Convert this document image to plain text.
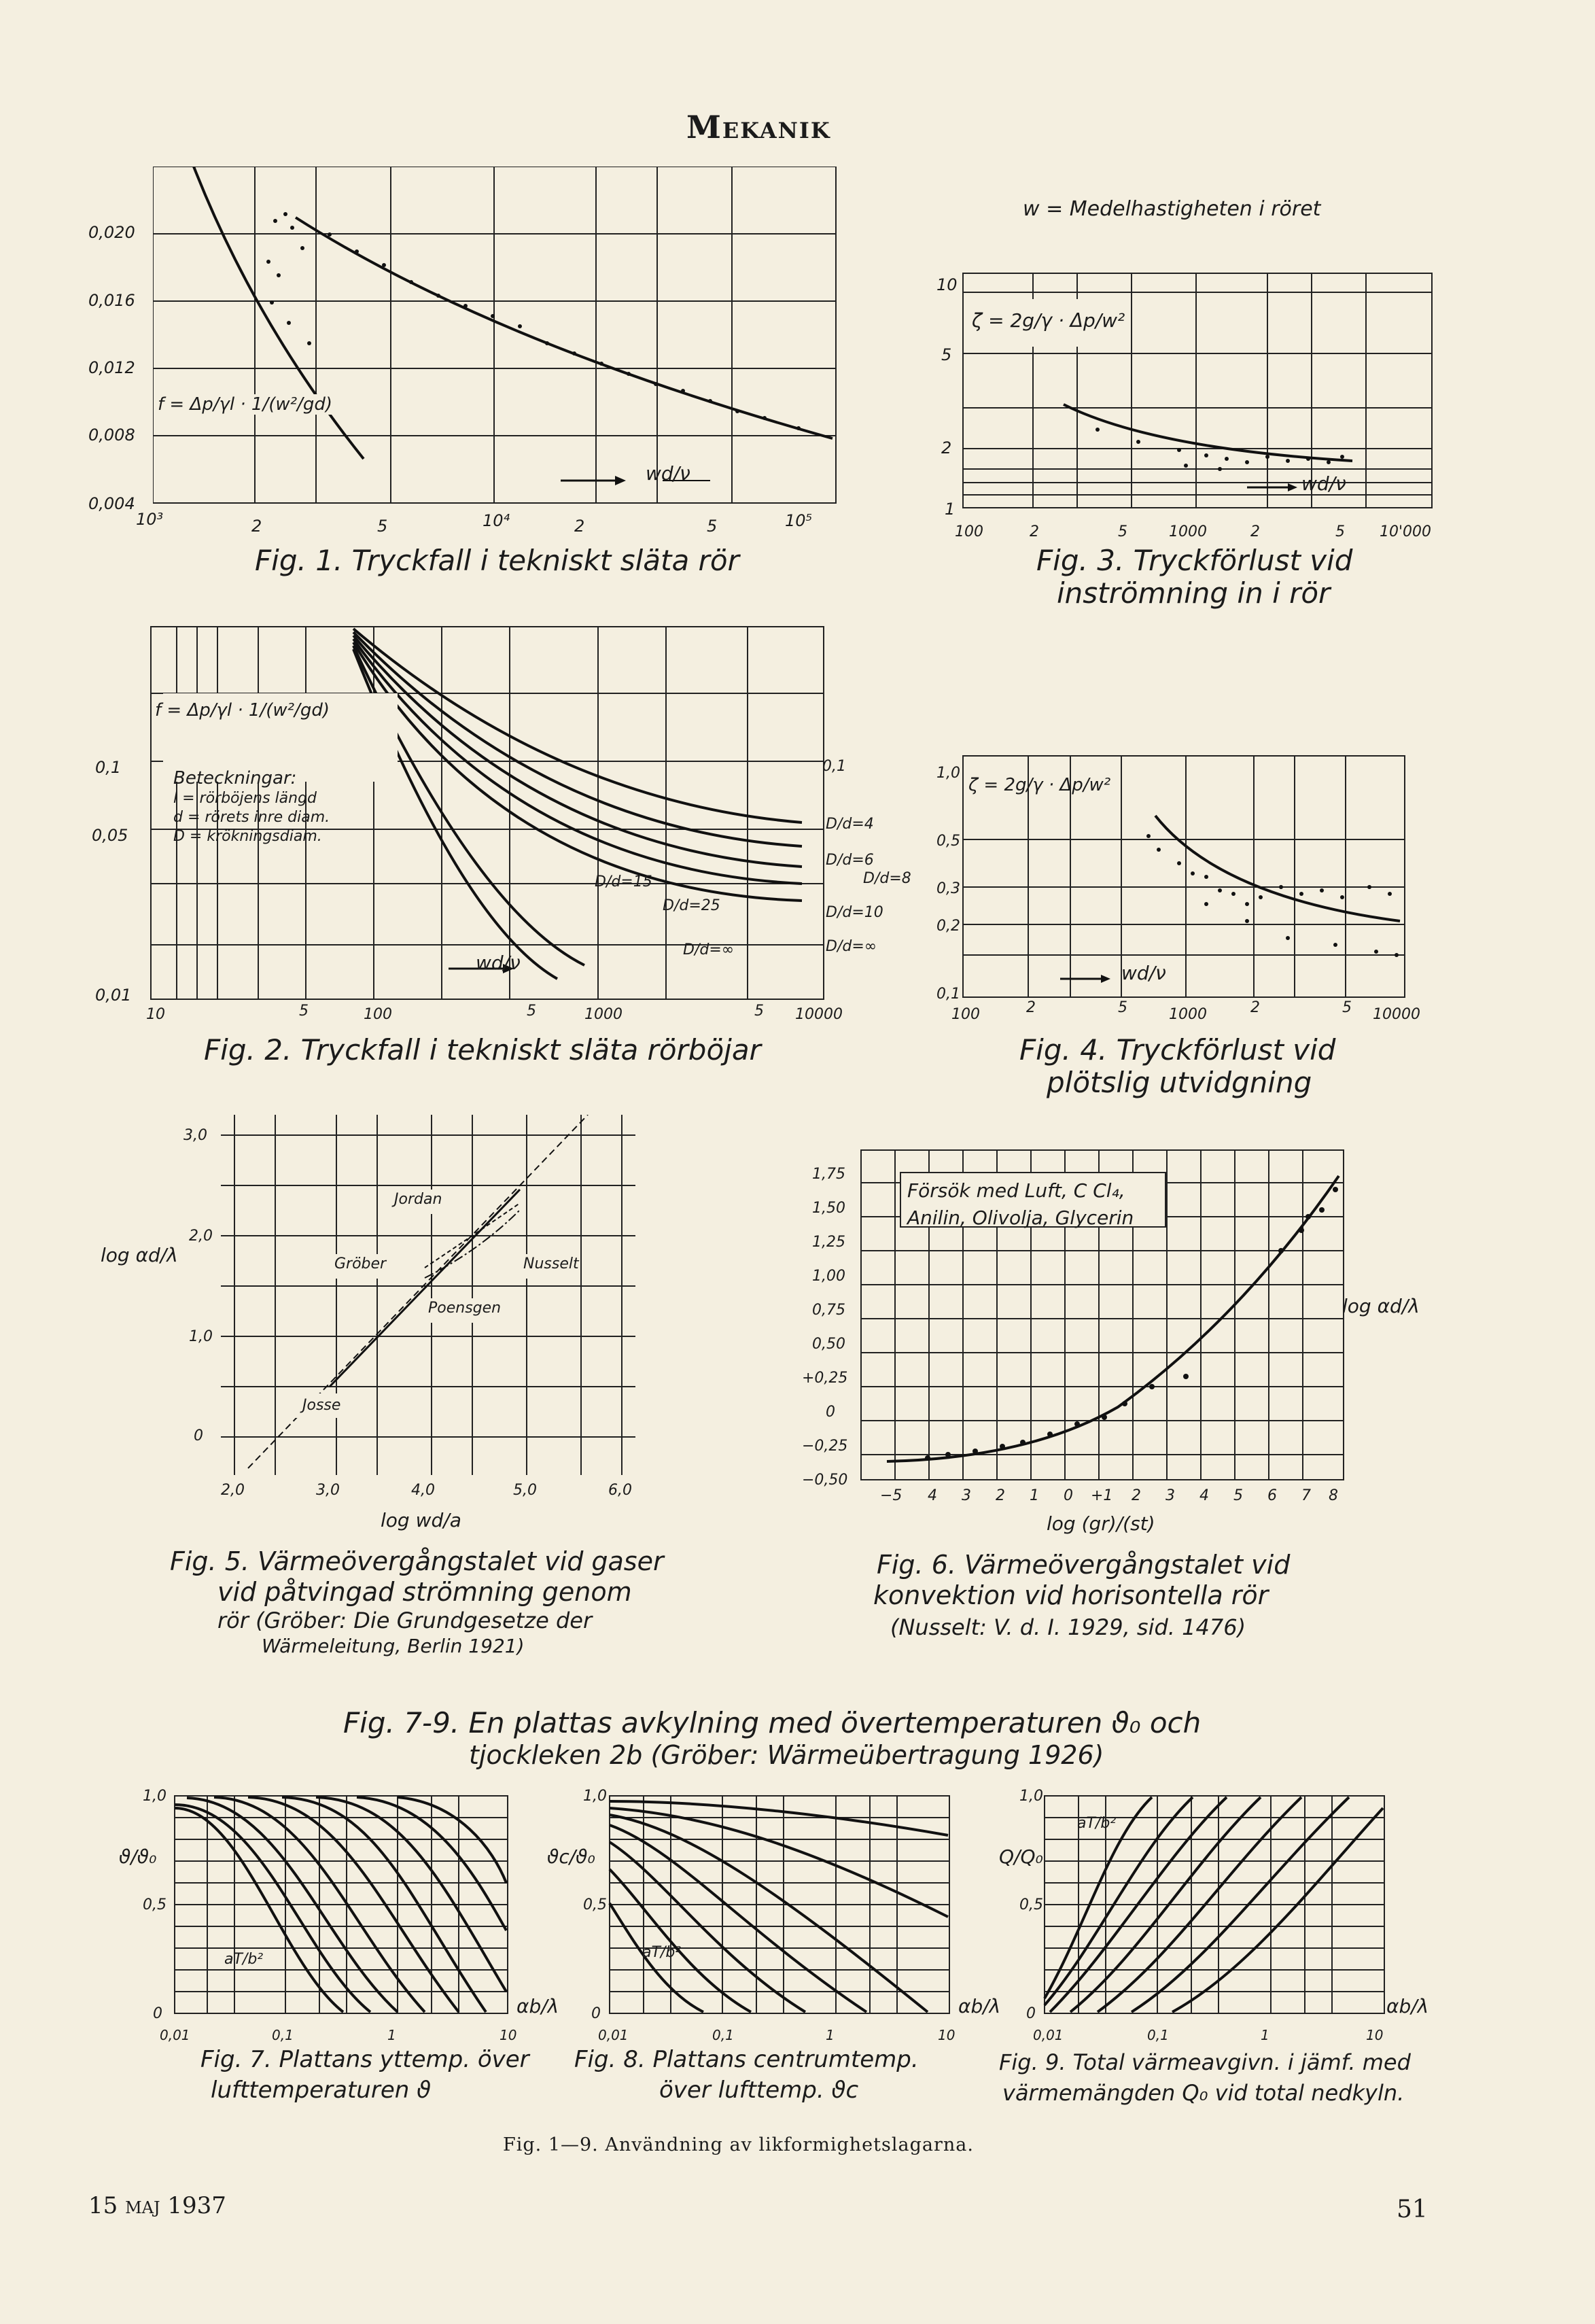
Mekanik
0,020
0,016
0,012
0,008
0,004
10³	2	5	10⁴	2	5	10⁵
f = Δp/γl · 1/(w²/gd)
wd/ν
Fig. 1. Tryckfall i tekniskt släta rör
w = Medelhastigheten i röret
10
5
2
1
100	2	5	1000	2	5 10'000
ζ = 2g/γ · Δp/w²
wd/ν
Fig. 3. Tryckförlust vid
inströmning in i rör
0,1
0,05
0,01
10	5	100	5	1000	5 10000
0,1
f = Δp/γl · 1/(w²/gd)
Beteckningar:
l = rörböjens längd
d = rörets inre diam.
D = krökningsdiam.
D/d=4
D/d=6
D/d=8
D/d=10
D/d=∞
D/d=15
D/d=25
D/d=∞
wd/ν
Fig. 2. Tryckfall i tekniskt släta rörböjar
1,0
0,5
0,3
0,2
0,1
100	2	5	1000	2	5 10000
ζ = 2g/γ · Δp/w²
wd/ν
Fig. 4. Tryckförlust vid
plötslig utvidgning
3,0
2,0
1,0
0
2,0	3,0	4,0	5,0	6,0
log αd/λ
log wd/a
Jordan
Gröber	Nusselt
Poensgen
Josse
Fig. 5. Värmeövergångstalet vid gaser
vid påtvingad strömning genom
rör (Gröber: Die Grundgesetze der
Wärmeleitung, Berlin 1921)
1,75
1,50
1,25
1,00
0,75
0,50
+0,25
0
−0,25
−0,50
−5 4 3 2 1 0 +1 2 3 4 5 6 7 8
Försök med Luft, C Cl₄,
Anilin, Olivolja, Glycerin
log αd/λ
log (gr)/(st)
Fig. 6. Värmeövergångstalet vid
konvektion vid horisontella rör
(Nusselt: V. d. I. 1929, sid. 1476)
Fig. 7-9. En plattas avkylning med övertemperaturen ϑ₀ och
tjockleken 2b (Gröber: Wärmeübertragung 1926)
1,0
0,5
0
0,01	0,1	1	10
ϑ/ϑ₀
αb/λ
aT/b²
Fig. 7. Plattans yttemp. över
lufttemperaturen ϑ
1,0
0,5
0
0,01	0,1	1	10
ϑc/ϑ₀
αb/λ
aT/b²
Fig. 8. Plattans centrumtemp.
över lufttemp. ϑc
1,0
0,5
0
0,01	0,1	1	10
Q/Q₀
αb/λ
aT/b²
Fig. 9. Total värmeavgivn. i jämf. med
värmemängden Q₀ vid total nedkyln.
Fig. 1—9. Användning av likformighetslagarna.
15 maj 1937	51
